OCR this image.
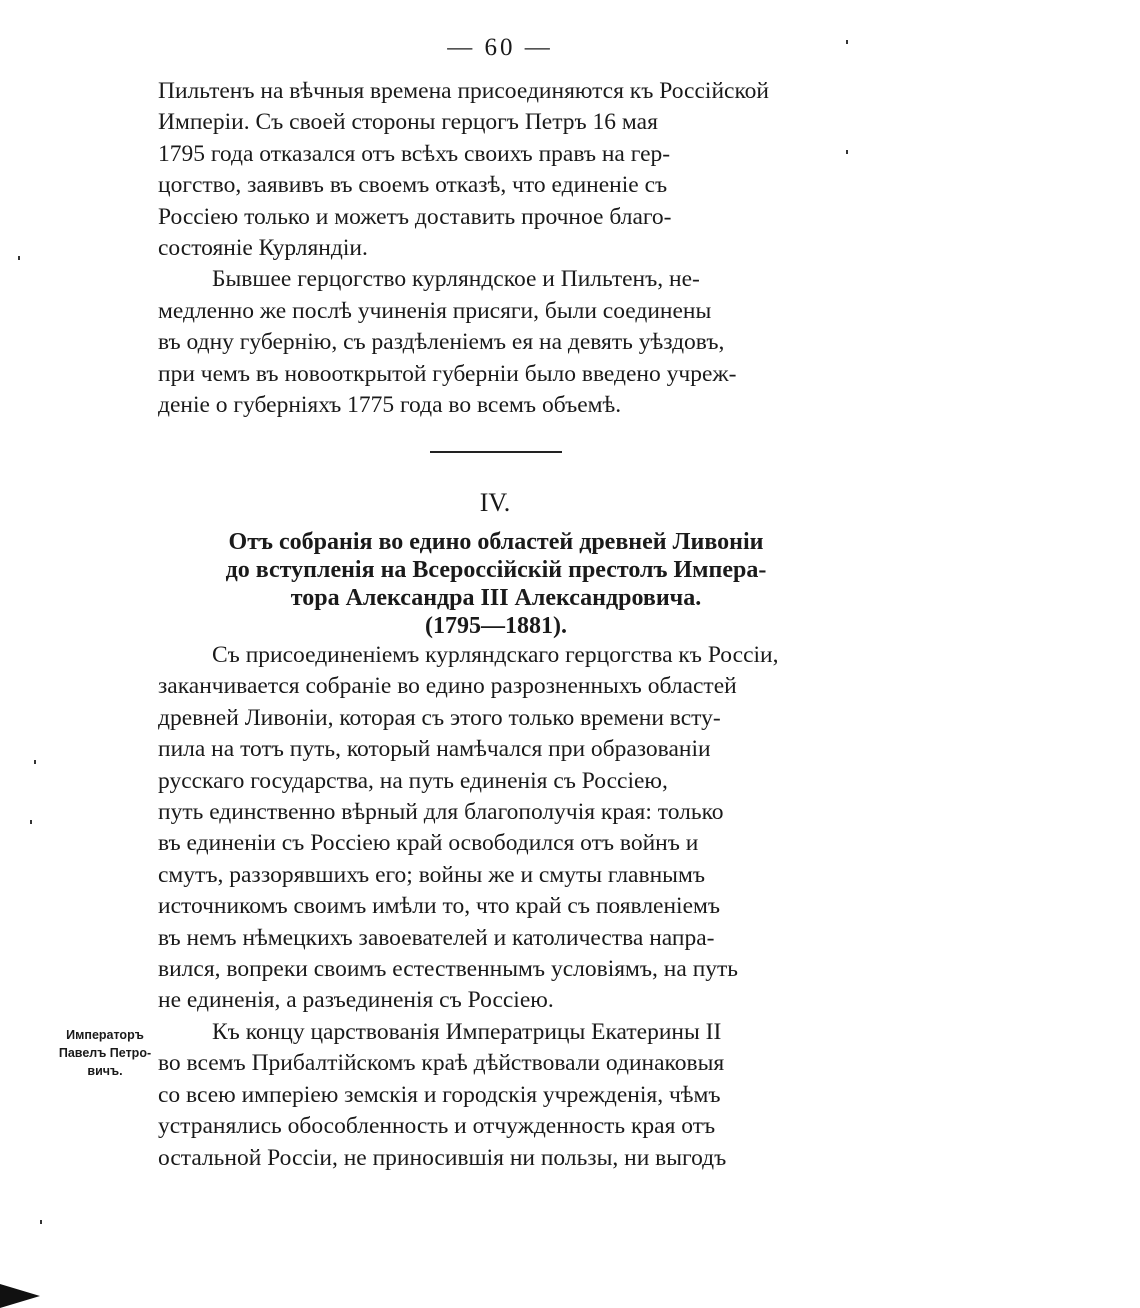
— 60 —

Пильтенъ на вѣчныя времена присоединяются къ Россiйской
Имперiи. Съ своей стороны герцогъ Петръ 16 мая
1795 года отказался отъ всѣхъ своихъ правъ на гер-
цогство, заявивъ въ своемъ отказѣ, что единенiе съ
Россiею только и можетъ доставить прочное благо-
состоянiе Курляндiи.

Бывшее герцогство курляндское и Пильтенъ, не-
медленно же послѣ учиненiя присяги, были соединены
въ одну губернiю, съ раздѣленiемъ ея на девять уѣздовъ,
при чемъ въ новооткрытой губернiи было введено учреж-
денiе о губернiяхъ 1775 года во всемъ объемѣ.

IV.
Отъ собранiя во едино областей древней Ливонiи
до вступленiя на Всероссiйскiй престолъ Импера-
тора Александра III Александровича.
(1795—1881).

Съ присоединенiемъ курляндскаго герцогства къ Россiи,
заканчивается собранiе во едино разрозненныхъ областей
древней Ливонiи, которая съ этого только времени всту-
пила на тотъ путь, который намѣчался при образованiи
русскаго государства, на путь единенiя съ Россiею,
путь единственно вѣрный для благополучiя края: только
въ единенiи съ Россiею край освободился отъ войнъ и
смутъ, раззорявшихъ его; войны же и смуты главнымъ
источникомъ своимъ имѣли то, что край съ появленiемъ
въ немъ нѣмецкихъ завоевателей и католичества напра-
вился, вопреки своимъ естественнымъ условiямъ, на путь
не единенiя, а разъединенiя съ Россiею.

Къ концу царствованiя Императрицы Екатерины II
во всемъ Прибалтiйскомъ краѣ дѣйствовали одинаковыя
со всею имперiею земскiя и городскiя учрежденiя, чѣмъ
устранялись обособленность и отчужденность края отъ
остальной Россiи, не приносившiя ни пользы, ни выгодъ

Императоръ
Павелъ Петро-
вичъ.
